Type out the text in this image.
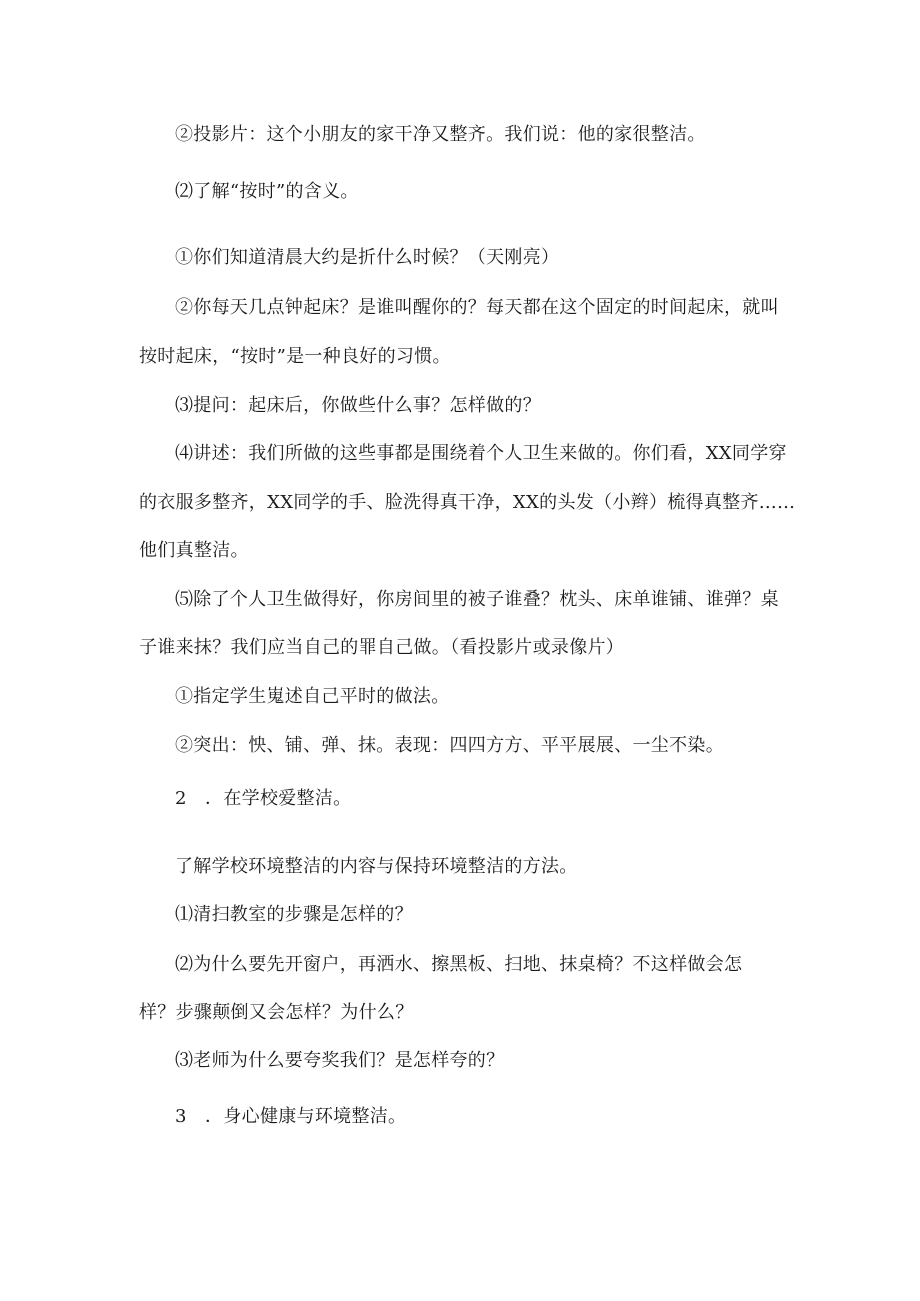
②投影片：这个小朋友的家干净又整齐。我们说：他的家很整洁。
⑵了解“按时”的含义。
①你们知道清晨大约是折什么时候？（天刚亮）
②你每天几点钟起床？是谁叫醒你的？每天都在这个固定的时间起床，就叫
按时起床，“按时”是一种良好的习惯。
⑶提问：起床后，你做些什么事？怎样做的？
⑷讲述：我们所做的这些事都是围绕着个人卫生来做的。你们看，XX同学穿
的衣服多整齐，XX同学的手、脸洗得真干净，XX的头发（小辫）梳得真整齐……
他们真整洁。
⑸除了个人卫生做得好，你房间里的被子谁叠？枕头、床单谁铺、谁弹？桌
子谁来抹？我们应当自己的罪自己做。（看投影片或录像片）
①指定学生嵬述自己平时的做法。
②突出：怏、铺、弹、抹。表现：四四方方、平平展展、一尘不染。
2　．在学校爱整洁。
了解学校环境整洁的内容与保持环境整洁的方法。
⑴清扫教室的步骤是怎样的？
⑵为什么要先开窗户，再洒水、擦黑板、扫地、抹桌椅？不这样做会怎
样？步骤颠倒又会怎样？为什么？
⑶老师为什么要夸奖我们？是怎样夸的？
3　．身心健康与环境整洁。
